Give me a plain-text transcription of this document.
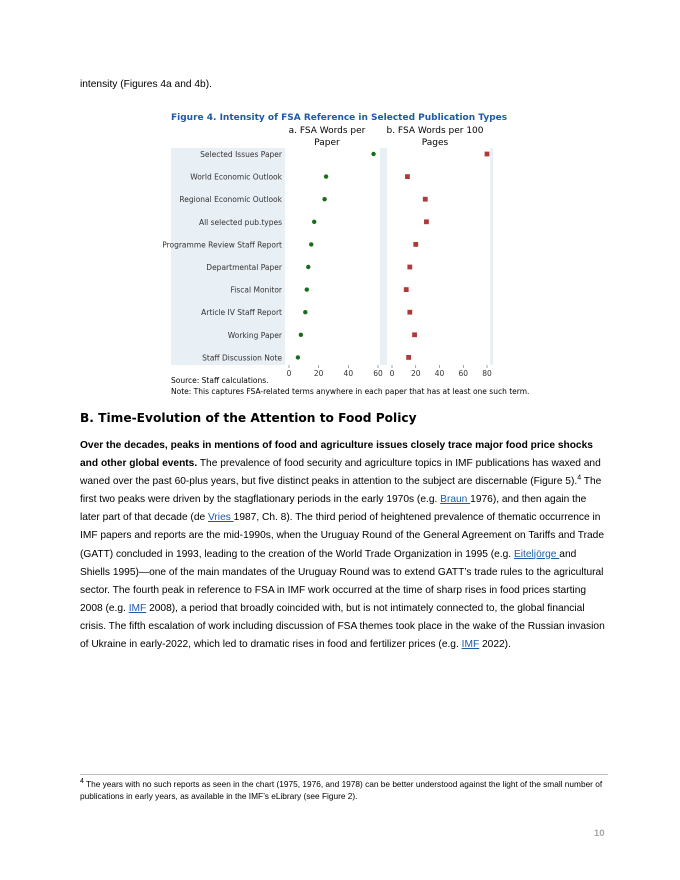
intensity (Figures 4a and 4b).
Figure 4. Intensity of FSA Reference in Selected Publication Types
a. FSA Words per Paper
b. FSA Words per 100 Pages
Selected Issues Paper
World Economic Outlook
Regional Economic Outlook
All selected pub.types
Programme Review Staff Report
Departmental Paper
Fiscal Monitor
Article IV Staff Report
Working Paper
Staff Discussion Note
0	20	40	60 0 20 40 60 80
Source: Staff calculations.
Note: This captures FSA-related terms anywhere in each paper that has at least one such term.
B. Time-Evolution of the Attention to Food Policy
Over the decades, peaks in mentions of food and agriculture issues closely trace major food price shocks and other global events. The prevalence of food security and agriculture topics in IMF publications has waxed and waned over the past 60-plus years, but five distinct peaks in attention to the subject are discernable (Figure 5).$^4$ The first two peaks were driven by the stagflationary periods in the early 1970s (e.g. Braun 1976), and then again the later part of that decade (de Vries 1987, Ch. 8). The third period of heightened prevalence of thematic occurrence in IMF papers and reports are the mid-1990s, when the Uruguay Round of the General Agreement on Tariffs and Trade (GATT) concluded in 1993, leading to the creation of the World Trade Organization in 1995 (e.g. Eiteljörge and Shiells 1995)—one of the main mandates of the Uruguay Round was to extend GATT’s trade rules to the agricultural sector. The fourth peak in reference to FSA in IMF work occurred at the time of sharp rises in food prices starting 2008 (e.g. IMF 2008), a period that broadly coincided with, but is not intimately connected to, the global financial crisis. The fifth escalation of work including discussion of FSA themes took place in the wake of the Russian invasion of Ukraine in early-2022, which led to dramatic rises in food and fertilizer prices (e.g. IMF 2022).
$^4$ The years with no such reports as seen in the chart (1975, 1976, and 1978) can be better understood against the light of the small number of publications in early years, as available in the IMF’s eLibrary (see Figure 2).
10
